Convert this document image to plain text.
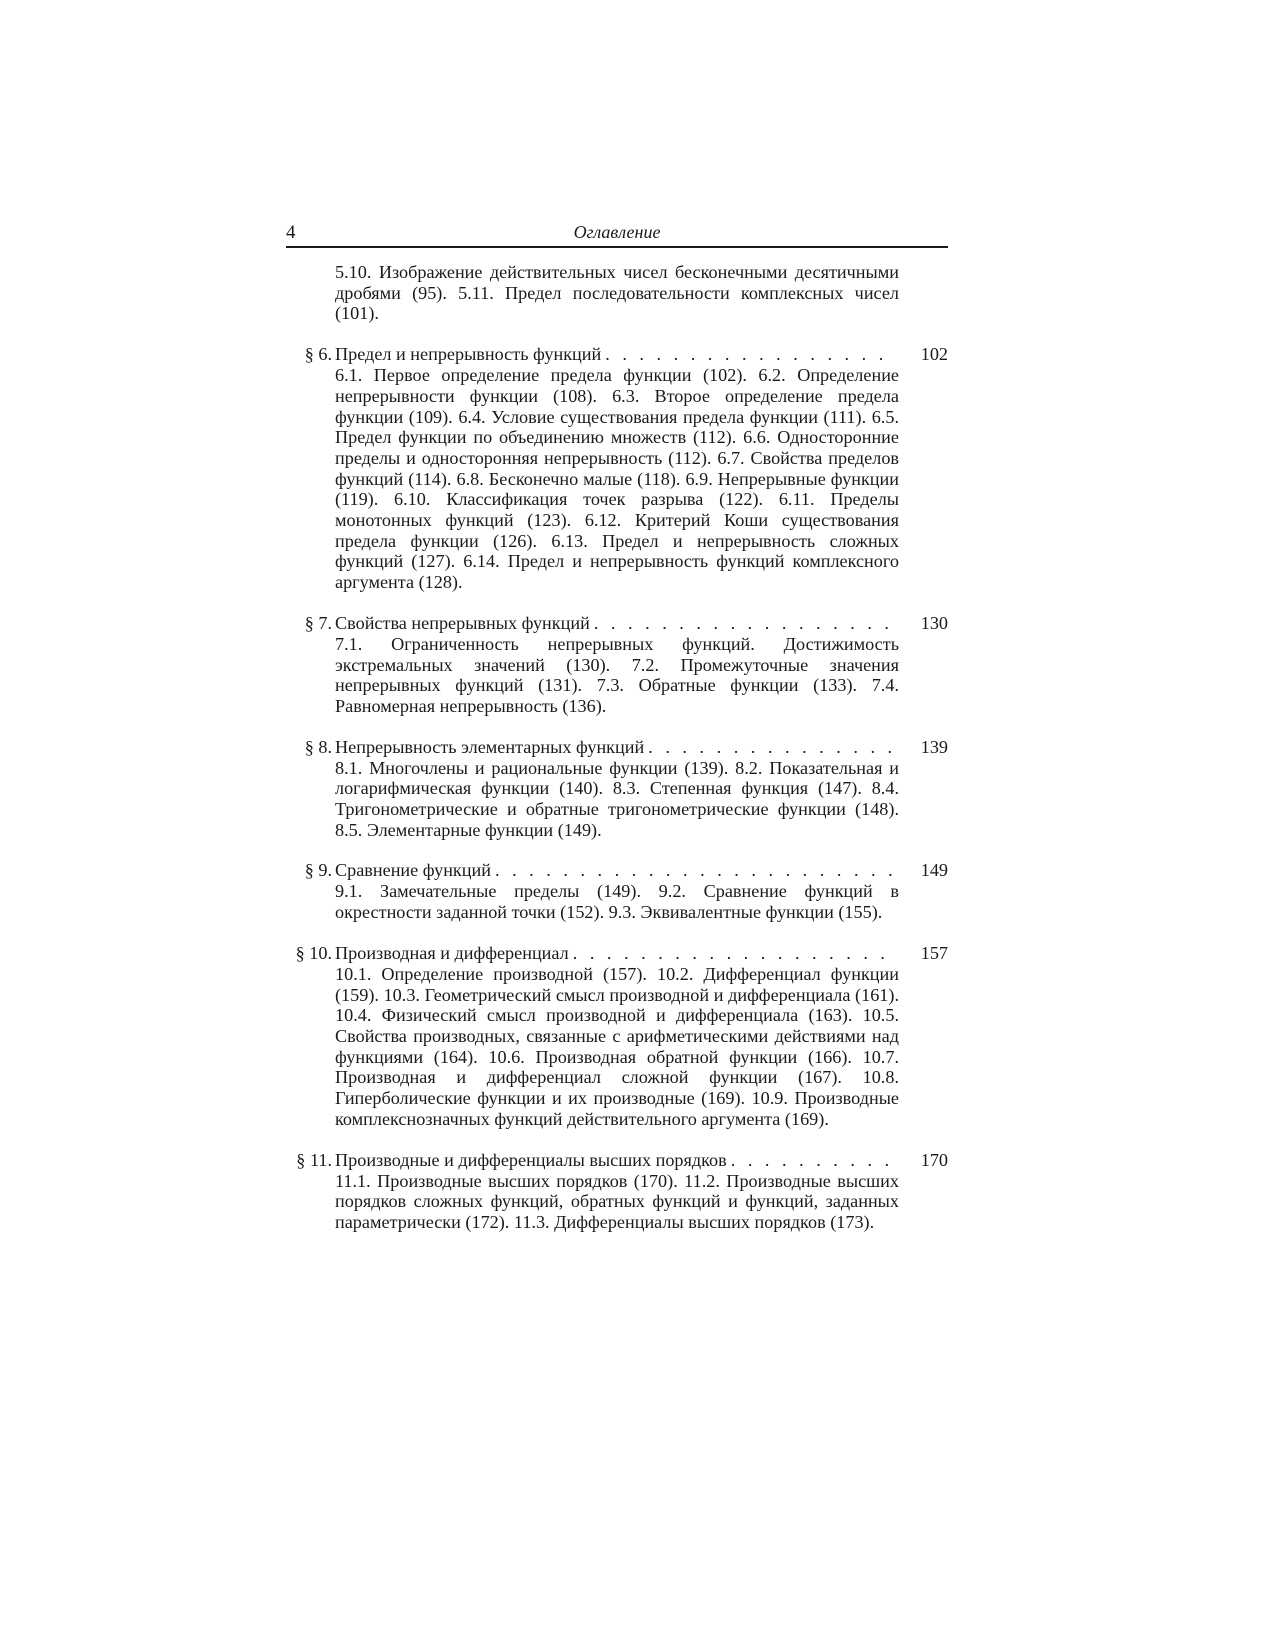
4	Оглавление
5.10. Изображение действительных чисел бесконечными десятичными дробями (95). 5.11. Предел последовательности комплексных чисел (101).
§ 6. Предел и непрерывность функций . . .	102
6.1. Первое определение предела функции (102). 6.2. Определение непрерывности функции (108). 6.3. Второе определение предела функции (109). 6.4. Условие существования предела функции (111). 6.5. Предел функции по объединению множеств (112). 6.6. Односторонние пределы и односторонняя непрерывность (112). 6.7. Свойства пределов функций (114). 6.8. Бесконечно малые (118). 6.9. Непрерывные функции (119). 6.10. Классификация точек разрыва (122). 6.11. Пределы монотонных функций (123). 6.12. Критерий Коши существования предела функции (126). 6.13. Предел и непрерывность сложных функций (127). 6.14. Предел и непрерывность функций комплексного аргумента (128).
§ 7. Свойства непрерывных функций . . .	130
7.1. Ограниченность непрерывных функций. Достижимость экстремальных значений (130). 7.2. Промежуточные значения непрерывных функций (131). 7.3. Обратные функции (133). 7.4. Равномерная непрерывность (136).
§ 8. Непрерывность элементарных функций . . .	139
8.1. Многочлены и рациональные функции (139). 8.2. Показательная и логарифмическая функции (140). 8.3. Степенная функция (147). 8.4. Тригонометрические и обратные тригонометрические функции (148). 8.5. Элементарные функции (149).
§ 9. Сравнение функций . . .	149
9.1. Замечательные пределы (149). 9.2. Сравнение функций в окрестности заданной точки (152). 9.3. Эквивалентные функции (155).
§ 10. Производная и дифференциал . . .	157
10.1. Определение производной (157). 10.2. Дифференциал функции (159). 10.3. Геометрический смысл производной и дифференциала (161). 10.4. Физический смысл производной и дифференциала (163). 10.5. Свойства производных, связанные с арифметическими действиями над функциями (164). 10.6. Производная обратной функции (166). 10.7. Производная и дифференциал сложной функции (167). 10.8. Гиперболические функции и их производные (169). 10.9. Производные комплекснозначных функций действительного аргумента (169).
§ 11. Производные и дифференциалы высших порядков . . .	170
11.1. Производные высших порядков (170). 11.2. Производные высших порядков сложных функций, обратных функций и функций, заданных параметрически (172). 11.3. Дифференциалы высших порядков (173).
